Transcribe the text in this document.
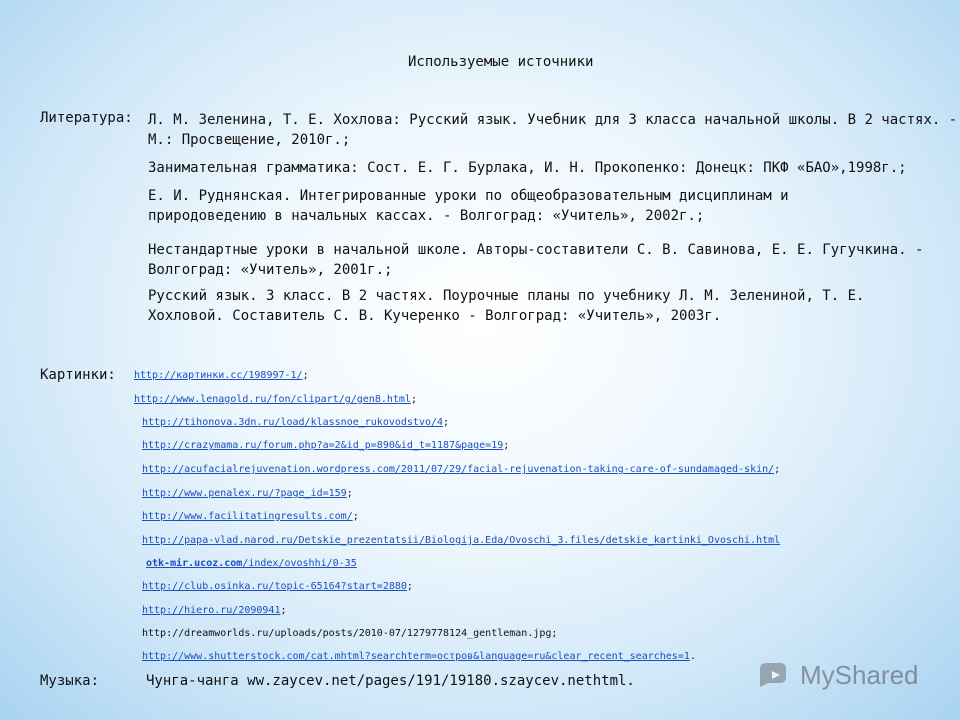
Используемые источники
Литература: Л. М. Зеленина, Т. Е. Хохлова: Русский язык. Учебник для 3 класса начальной школы. В 2 частях. - М.: Просвещение, 2010г.;
Занимательная грамматика: Сост. Е. Г. Бурлака, И. Н. Прокопенко: Донецк: ПКФ «БАО»,1998г.;
Е. И. Руднянская. Интегрированные уроки по общеобразовательным дисциплинам и природоведению в начальных кассах. - Волгоград: «Учитель», 2002г.;
Нестандартные уроки в начальной школе. Авторы-составители С. В. Савинова, Е. Е. Гугучкина. - Волгоград: «Учитель», 2001г.;
Русский язык. 3 класс. В 2 частях. Поурочные планы по учебнику Л. М. Зелениной, Т. Е. Хохловой. Составитель С. В. Кучеренко - Волгоград: «Учитель», 2003г.
Картинки: http://картинки.cc/198997-1/;
http://www.lenagold.ru/fon/clipart/g/gen8.html;
http://tihonova.3dn.ru/load/klassnoe_rukovodstvo/4;
http://crazymama.ru/forum.php?a=2&id_p=890&id_t=1187&page=19;
http://acufacialrejuvenation.wordpress.com/2011/07/29/facial-rejuvenation-taking-care-of-sundamaged-skin/;
http://www.penalex.ru/?page_id=159;
http://www.facilitatingresults.com/;
http://papa-vlad.narod.ru/Detskie_prezentatsii/Biologija.Eda/Ovoschi_3.files/detskie_kartinki_Ovoschi.html
otk-mir.ucoz.com/index/ovoshhi/0-35
http://club.osinka.ru/topic-65164?start=2880;
http://hiero.ru/2090941;
http://dreamworlds.ru/uploads/posts/2010-07/1279778124_gentleman.jpg;
http://www.shutterstock.com/cat.mhtml?searchterm=остров&language=ru&clear_recent_searches=1.
Музыка:	Чунга-чанга ww.zaycev.net/pages/191/19180.szaycev.nethtml.	MyShared
